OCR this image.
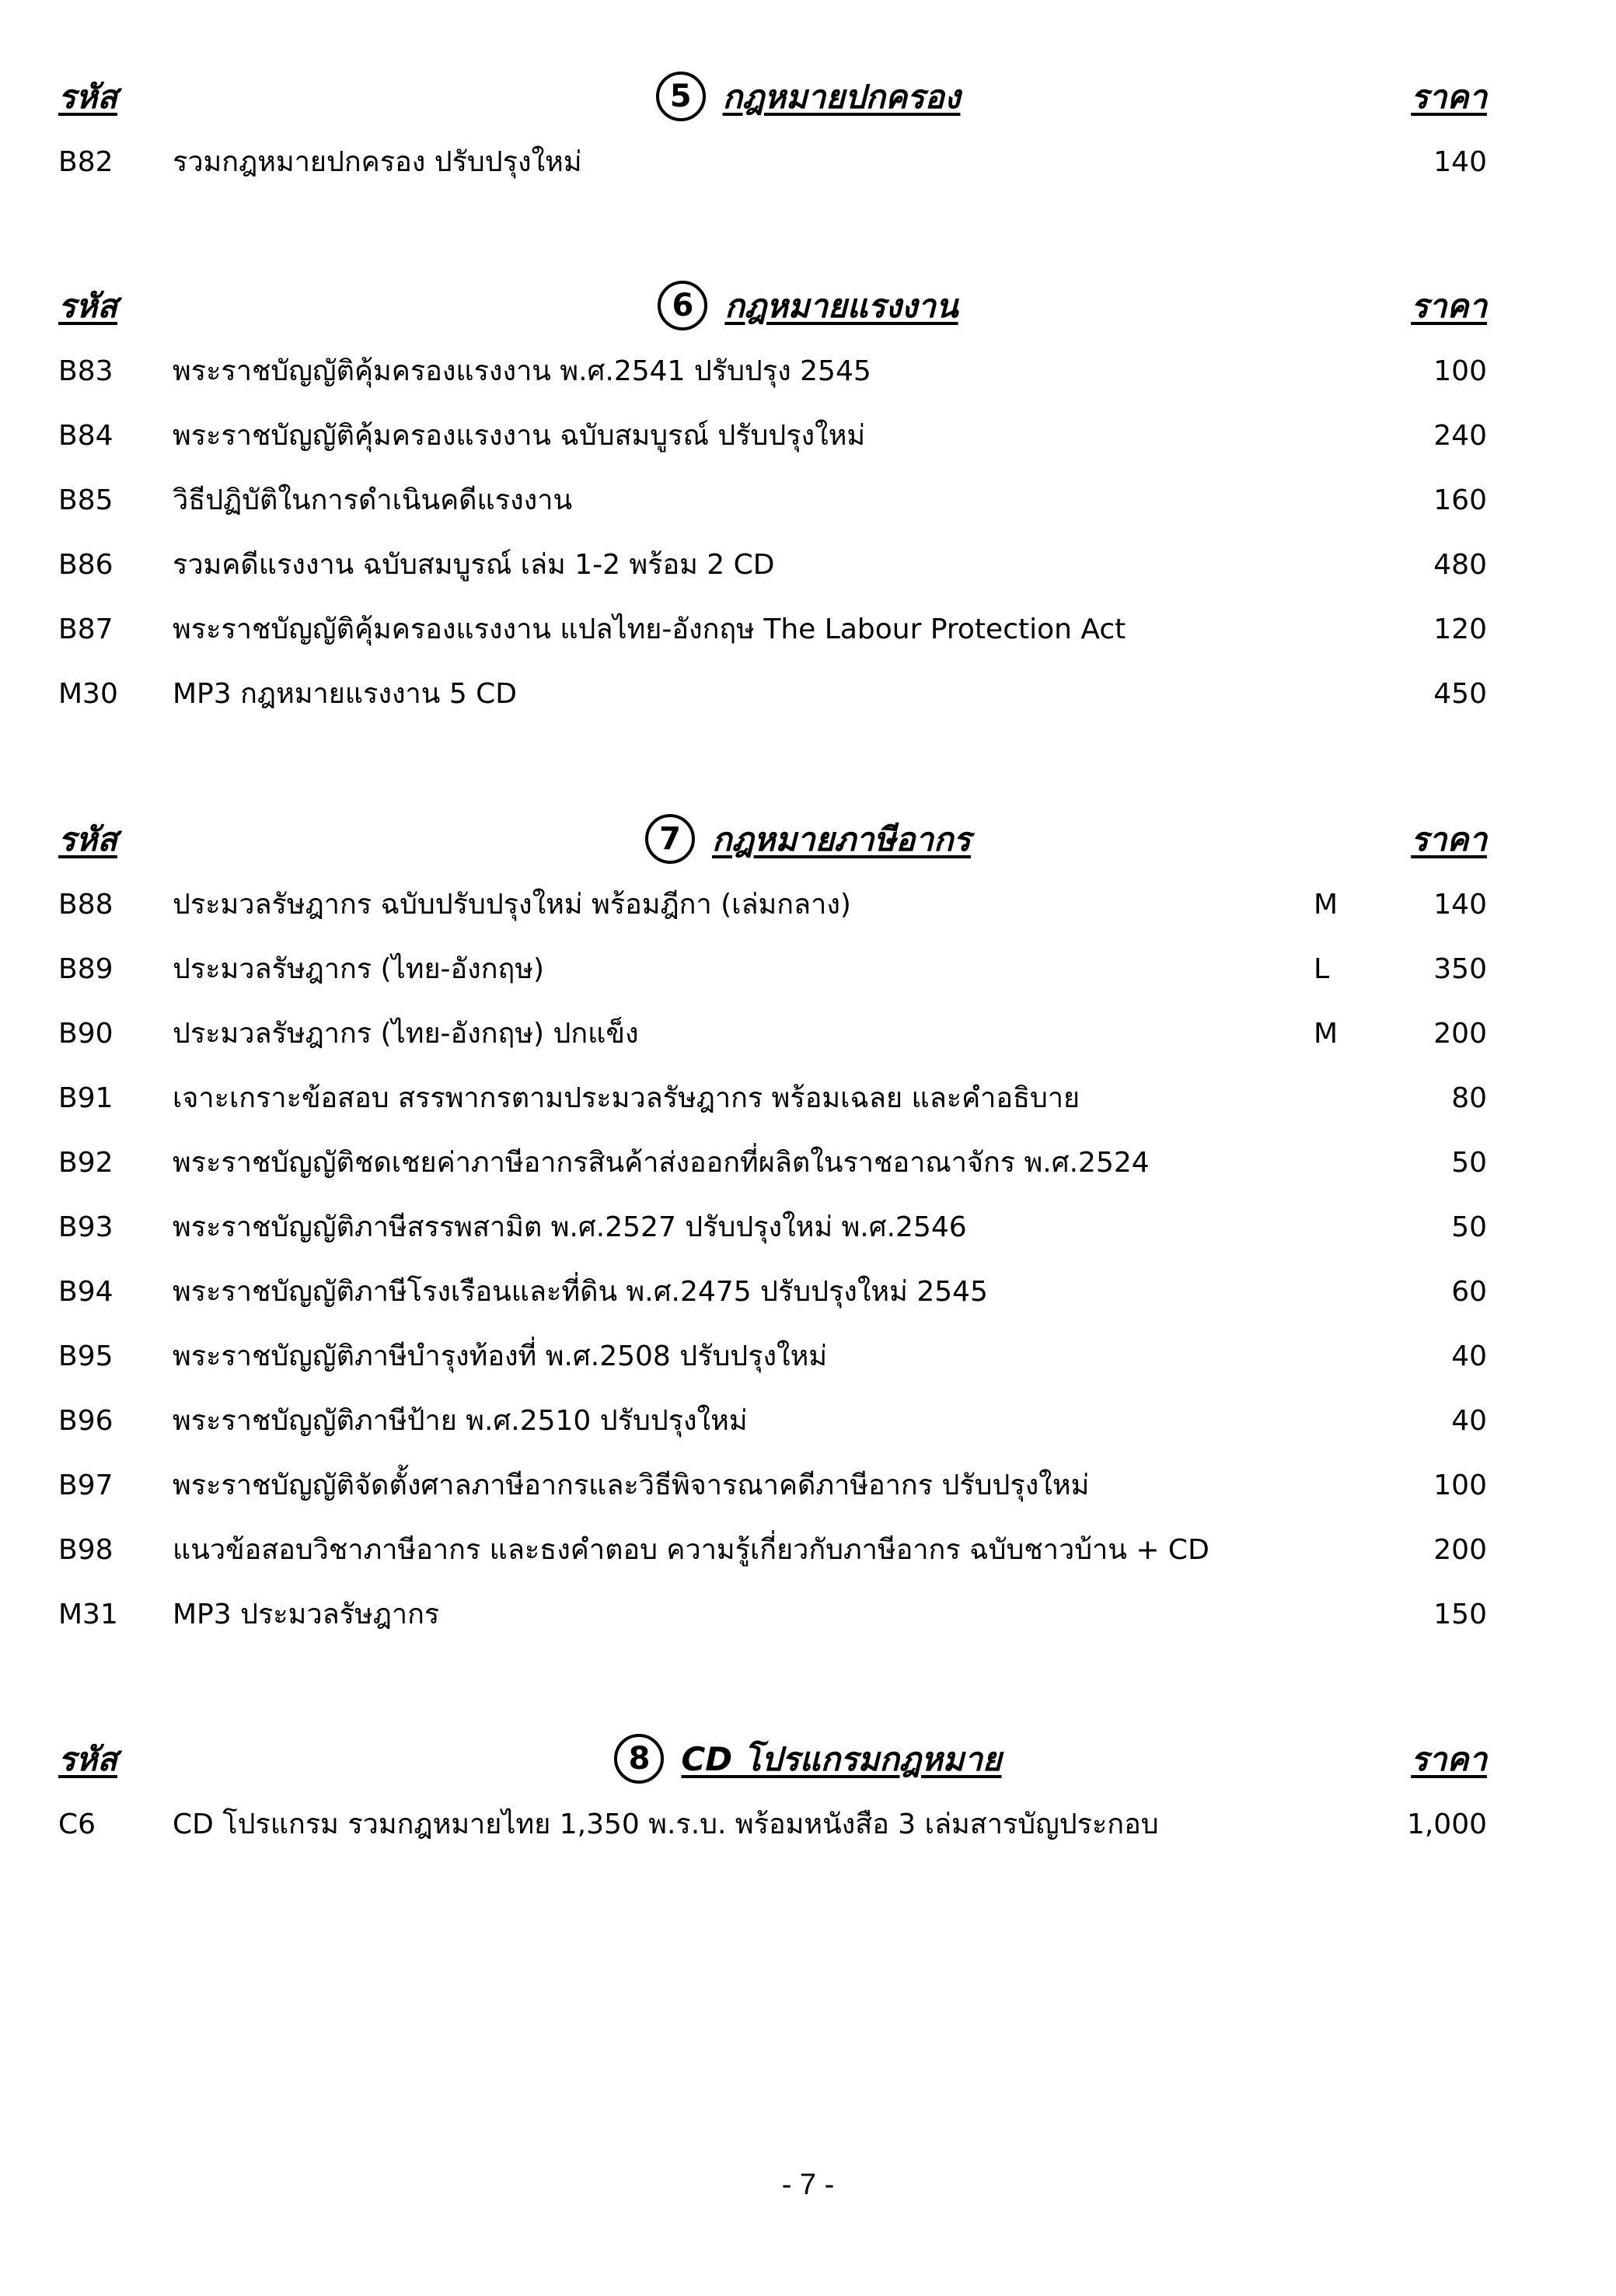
รหัส	5 กฎหมายปกครอง	ราคา
B82 รวมกฎหมายปกครอง ปรับปรุงใหม่	140
รหัส	6 กฎหมายแรงงาน	ราคา
B83 พระราชบัญญัติคุ้มครองแรงงาน พ.ศ.2541 ปรับปรุง 2545	100
B84 พระราชบัญญัติคุ้มครองแรงงาน ฉบับสมบูรณ์ ปรับปรุงใหม่	240
B85 วิธีปฏิบัติในการดำเนินคดีแรงงาน	160
B86 รวมคดีแรงงาน ฉบับสมบูรณ์ เล่ม 1-2 พร้อม 2 CD	480
B87 พระราชบัญญัติคุ้มครองแรงงาน แปลไทย-อังกฤษ The Labour Protection Act	120
M30 MP3 กฎหมายแรงงาน 5 CD	450
รหัส	7 กฎหมายภาษีอากร	ราคา
B88 ประมวลรัษฎากร ฉบับปรับปรุงใหม่ พร้อมฎีกา (เล่มกลาง)	M	140
B89 ประมวลรัษฎากร (ไทย-อังกฤษ)	L	350
B90 ประมวลรัษฎากร (ไทย-อังกฤษ) ปกแข็ง	M	200
B91 เจาะเกราะข้อสอบ สรรพากรตามประมวลรัษฎากร พร้อมเฉลย และคำอธิบาย	80
B92 พระราชบัญญัติชดเชยค่าภาษีอากรสินค้าส่งออกที่ผลิตในราชอาณาจักร พ.ศ.2524	50
B93 พระราชบัญญัติภาษีสรรพสามิต พ.ศ.2527 ปรับปรุงใหม่ พ.ศ.2546	50
B94 พระราชบัญญัติภาษีโรงเรือนและที่ดิน พ.ศ.2475 ปรับปรุงใหม่ 2545	60
B95 พระราชบัญญัติภาษีบำรุงท้องที่ พ.ศ.2508 ปรับปรุงใหม่	40
B96 พระราชบัญญัติภาษีป้าย พ.ศ.2510 ปรับปรุงใหม่	40
B97 พระราชบัญญัติจัดตั้งศาลภาษีอากรและวิธีพิจารณาคดีภาษีอากร ปรับปรุงใหม่	100
B98 แนวข้อสอบวิชาภาษีอากร และธงคำตอบ ความรู้เกี่ยวกับภาษีอากร ฉบับชาวบ้าน + CD	200
M31 MP3 ประมวลรัษฎากร	150
รหัส	8 CD โปรแกรมกฎหมาย	ราคา
C6	CD โปรแกรม รวมกฎหมายไทย 1,350 พ.ร.บ. พร้อมหนังสือ 3 เล่มสารบัญประกอบ	1,000
- 7 -
